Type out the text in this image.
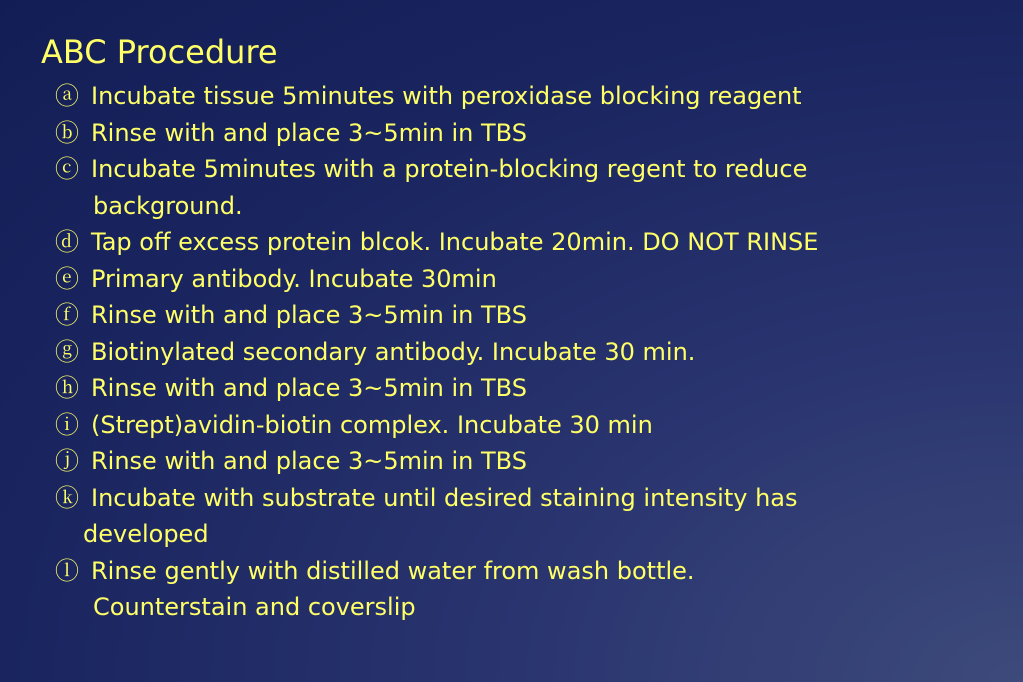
ABC Procedure
ⓐ Incubate tissue 5minutes with peroxidase blocking reagent
ⓑ Rinse with and place 3~5min in TBS
ⓒ Incubate 5minutes with a protein-blocking regent to reduce
background.
ⓓ Tap off excess protein blcok. Incubate 20min. DO NOT RINSE
ⓔ Primary antibody. Incubate 30min
ⓕ Rinse with and place 3~5min in TBS
ⓖ Biotinylated secondary antibody. Incubate 30 min.
ⓗ Rinse with and place 3~5min in TBS
ⓘ (Strept)avidin-biotin complex. Incubate 30 min
ⓙ Rinse with and place 3~5min in TBS
ⓚ Incubate with substrate until desired staining intensity has
developed
ⓛ Rinse gently with distilled water from wash bottle.
Counterstain and coverslip
